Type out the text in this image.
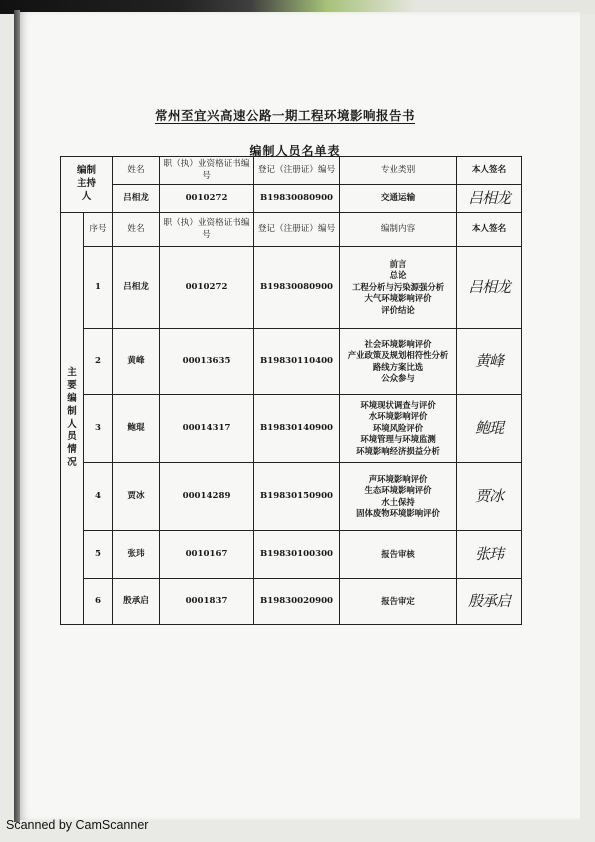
常州至宜兴高速公路一期工程环境影响报告书
编制人员名单表
编制主持人		姓名	职（执）业资格证书编号	登记（注册证）编号	专业类别	本人签名
		吕相龙	0010272	B19830080900	交通运输	吕相龙
主要编制人员情况	序号	姓名	职（执）业资格证书编号	登记（注册证）编号	编制内容	本人签名
	1	吕相龙	0010272	B19830080900	前言
总论
工程分析与污染源强分析
大气环境影响评价
评价结论	吕相龙
	2	黄峰	00013635	B19830110400	社会环境影响评价
产业政策及规划相符性分析
路线方案比选
公众参与	黄峰
	3	鲍琨	00014317	B19830140900	环境现状调查与评价
水环境影响评价
环境风险评价
环境管理与环境监测
环境影响经济损益分析	鲍琨
	4	贾冰	00014289	B19830150900	声环境影响评价
生态环境影响评价
水土保持
固体废物环境影响评价	贾冰
	5	张玮	0010167	B19830100300	报告审核	张玮
	6	殷承启	0001837	B19830020900	报告审定	殷承启
Scanned by CamScanner
